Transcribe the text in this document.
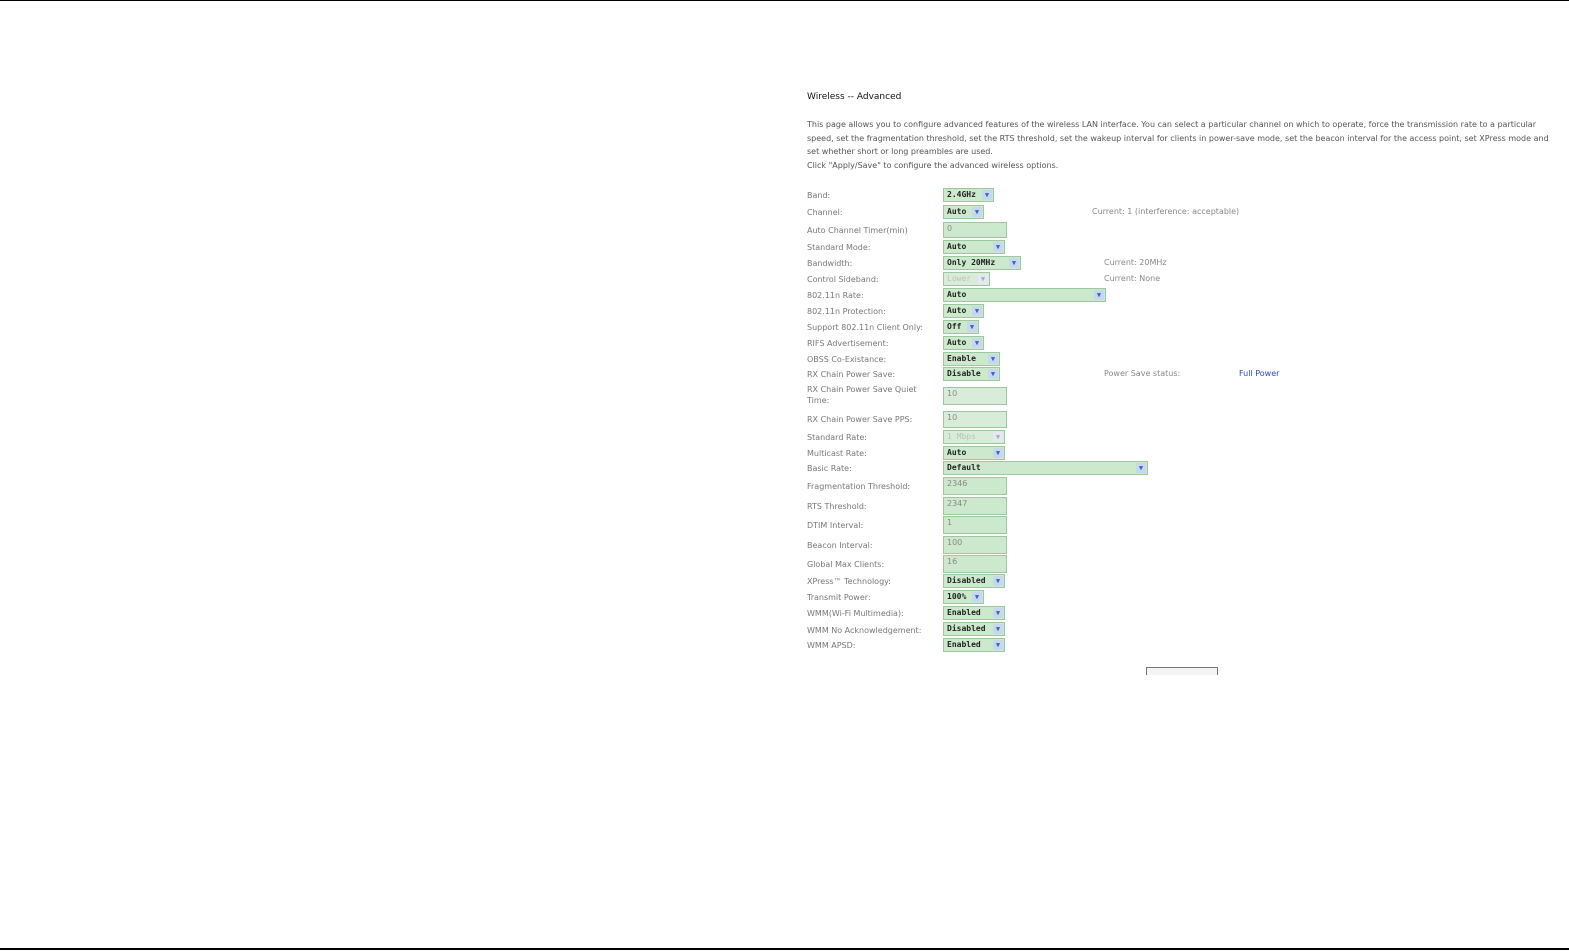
Wireless -- Advanced
This page allows you to configure advanced features of the wireless LAN interface. You can select a particular channel on which to operate, force the transmission rate to a particular speed, set the fragmentation threshold, set the RTS threshold, set the wakeup interval for clients in power-save mode, set the beacon interval for the access point, set XPress mode and set whether short or long preambles are used.
Click "Apply/Save" to configure the advanced wireless options.
Band:	2.4GHz	▼
Channel:	Auto	▼	Current: 1 (interference: acceptable)
Auto Channel Timer(min)	0
Standard Mode:	Auto	▼
Bandwidth:	Only 20MHz	▼	Current: 20MHz
Control Sideband:	Lower	▼	Current: None
802.11n Rate:	Auto	▼
802.11n Protection:	Auto	▼
Support 802.11n Client Only:	Off	▼
RIFS Advertisement:	Auto	▼
OBSS Co-Existance:	Enable	▼
RX Chain Power Save:	Disable	▼	Power Save status:	Full Power
RX Chain Power Save Quiet Time:
10
RX Chain Power Save PPS:	10
Standard Rate:	1 Mbps	▼
Multicast Rate:	Auto	▼
Basic Rate:	Default	▼
Fragmentation Threshold:	2346
RTS Threshold:	2347
DTIM Interval:	1
Beacon Interval:	100
Global Max Clients:	16
XPress™ Technology:	Disabled	▼
Transmit Power:	100%	▼
WMM(Wi-Fi Multimedia):	Enabled	▼
WMM No Acknowledgement:	Disabled	▼
WMM APSD:	Enabled	▼
